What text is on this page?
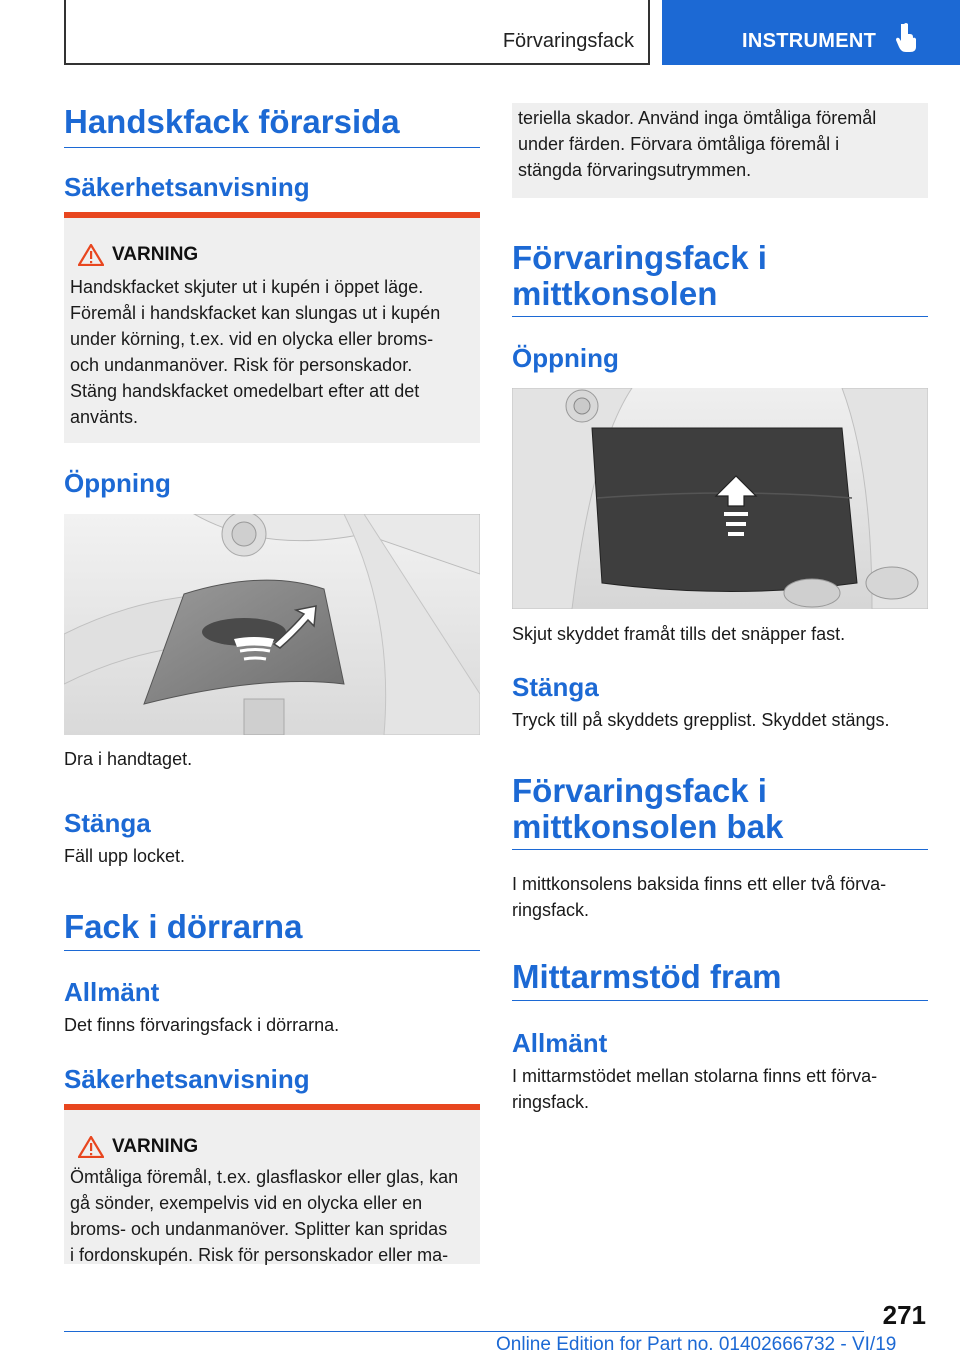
Förvaringsfack	INSTRUMENT
Handskfack förarsida
Säkerhetsanvisning
VARNING
Handskfacket skjuter ut i kupén i öppet läge.
Föremål i handskfacket kan slungas ut i kupén
under körning, t.ex. vid en olycka eller broms-
och undanmanöver. Risk för personskador.
Stäng handskfacket omedelbart efter att det
använts.
Öppning
Dra i handtaget.
Stänga
Fäll upp locket.
Fack i dörrarna
Allmänt
Det finns förvaringsfack i dörrarna.
Säkerhetsanvisning
VARNING
Ömtåliga föremål, t.ex. glasflaskor eller glas, kan
gå sönder, exempelvis vid en olycka eller en
broms- och undanmanöver. Splitter kan spridas
i fordonskupén. Risk för personskador eller ma-
teriella skador. Använd inga ömtåliga föremål
under färden. Förvara ömtåliga föremål i
stängda förvaringsutrymmen.
Förvaringsfack i
mittkonsolen
Öppning
Skjut skyddet framåt tills det snäpper fast.
Stänga
Tryck till på skyddets grepplist. Skyddet stängs.
Förvaringsfack i
mittkonsolen bak
I mittkonsolens baksida finns ett eller två förva-
ringsfack.
Mittarmstöd fram
Allmänt
I mittarmstödet mellan stolarna finns ett förva-
ringsfack.
271
Online Edition for Part no. 01402666732 - VI/19
